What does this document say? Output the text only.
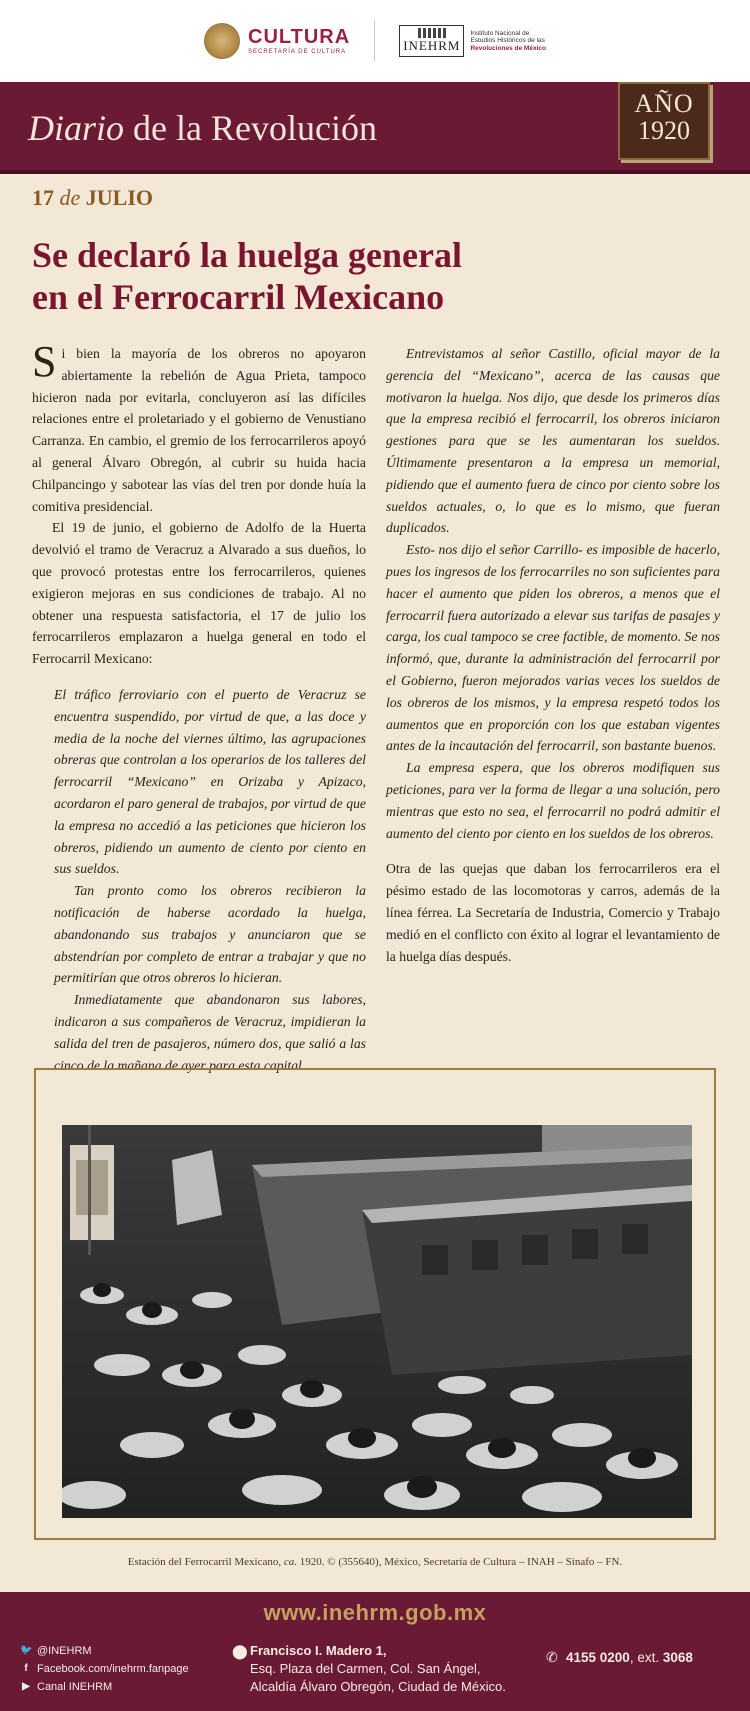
CULTURA
SECRETARÍA DE CULTURA	INEHRM
Instituto Nacional de
Estudios Históricos de las
Revoluciones de México
Diario de la Revolución
AÑO
1920
17 de JULIO
Se declaró la huelga general
en el Ferrocarril Mexicano

Si bien la mayoría de los obreros no apoyaron abiertamente la rebelión de Agua Prieta, tampoco hicieron nada por evitarla, concluyeron así las difíciles relaciones entre el proletariado y el gobierno de Venustiano Carranza. En cambio, el gremio de los ferrocarrileros apoyó al general Álvaro Obregón, al cubrir su huida hacia Chilpancingo y sabotear las vías del tren por donde huía la comitiva presidencial.

El 19 de junio, el gobierno de Adolfo de la Huerta devolvió el tramo de Veracruz a Alvarado a sus dueños, lo que provocó protestas entre los ferrocarrileros, quienes exigieron mejoras en sus condiciones de trabajo. Al no obtener una respuesta satisfactoria, el 17 de julio los ferrocarrileros emplazaron a huelga general en todo el Ferrocarril Mexicano:

El tráfico ferroviario con el puerto de Veracruz se encuentra suspendido, por virtud de que, a las doce y media de la noche del viernes último, las agrupaciones obreras que controlan a los operarios de los talleres del ferrocarril “Mexicano” en Orizaba y Apizaco, acordaron el paro general de trabajos, por virtud de que la empresa no accedió a las peticiones que hicieron los obreros, pidiendo un aumento de ciento por ciento en sus sueldos.

Tan pronto como los obreros recibieron la notificación de haberse acordado la huelga, abandonando sus trabajos y anunciaron que se abstendrían por completo de entrar a trabajar y que no permitirían que otros obreros lo hicieran.

Inmediatamente que abandonaron sus labores, indicaron a sus compañeros de Veracruz, impidieran la salida del tren de pasajeros, número dos, que salió a las cinco de la mañana de ayer para esta capital…

Entrevistamos al señor Castillo, oficial mayor de la gerencia del “Mexicano”, acerca de las causas que motivaron la huelga. Nos dijo, que desde los primeros días que la empresa recibió el ferrocarril, los obreros iniciaron gestiones para que se les aumentaran los sueldos. Últimamente presentaron a la empresa un memorial, pidiendo que el aumento fuera de cinco por ciento sobre los sueldos actuales, o, lo que es lo mismo, que fueran duplicados.

Esto- nos dijo el señor Carrillo- es imposible de hacerlo, pues los ingresos de los ferrocarriles no son suficientes para hacer el aumento que piden los obreros, a menos que el ferrocarril fuera autorizado a elevar sus tarifas de pasajes y carga, los cual tampoco se cree factible, de momento. Se nos informó, que, durante la administración del ferrocarril por el Gobierno, fueron mejorados varias veces los sueldos de los obreros de los mismos, y la empresa respetó todos los aumentos que en proporción con los que estaban vigentes antes de la incautación del ferrocarril, son bastante buenos.

La empresa espera, que los obreros modifiquen sus peticiones, para ver la forma de llegar a una solución, pero mientras que esto no sea, el ferrocarril no podrá admitir el aumento del ciento por ciento en los sueldos de los obreros.

Otra de las quejas que daban los ferrocarrileros era el pésimo estado de las locomotoras y carros, además de la línea férrea. La Secretaría de Industria, Comercio y Trabajo medió en el conflicto con éxito al lograr el levantamiento de la huelga días después.

Estación del Ferrocarril Mexicano, ca. 1920. © (355640), México, Secretaría de Cultura – INAH – Sinafo – FN.
www.inehrm.gob.mx
🐦 @INEHRM
f Facebook.com/inehrm.fanpage
▶ Canal INEHRM
⬤ Francisco I. Madero 1,
Esq. Plaza del Carmen, Col. San Ángel,
Alcaldía Álvaro Obregón, Ciudad de México.
✆ 4155 0200, ext. 3068
